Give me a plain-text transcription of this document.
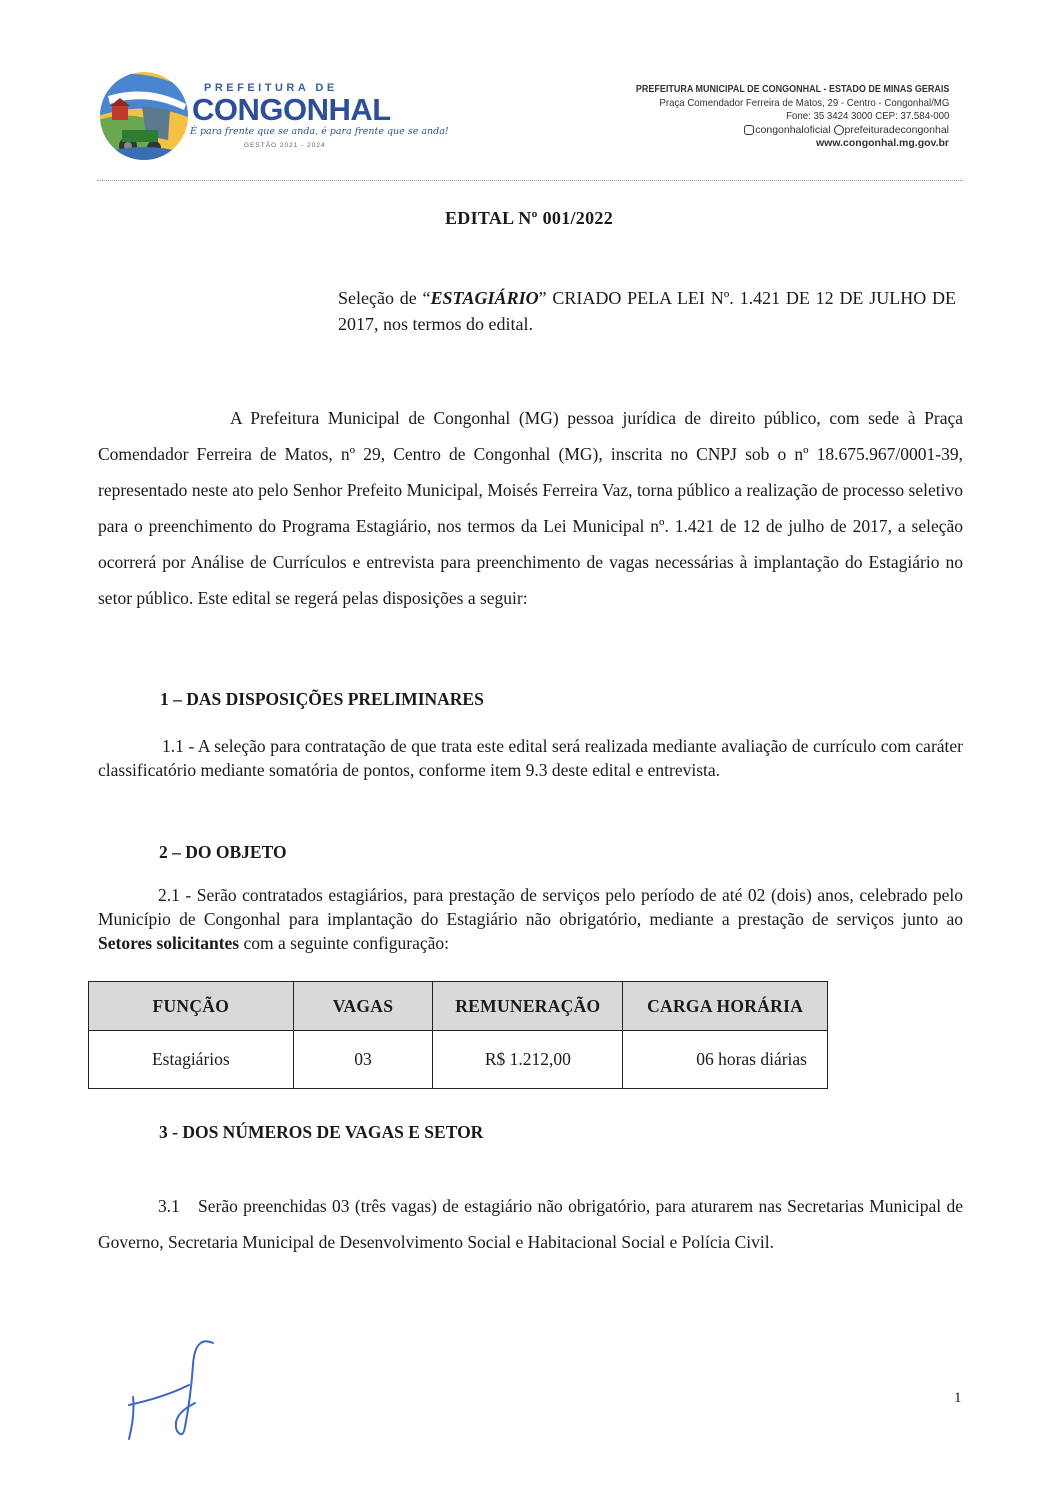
PREFEITURA DE
CONGONHAL
É para frente que se anda, é para frente que se anda!
GESTÃO 2021 - 2024
PREFEITURA MUNICIPAL DE CONGONHAL - ESTADO DE MINAS GERAIS
Praça Comendador Ferreira de Matos, 29 - Centro - Congonhal/MG
Fone: 35 3424 3000 CEP: 37.584-000
congonhaloficial prefeituradecongonhal
www.congonhal.mg.gov.br
EDITAL Nº 001/2022
Seleção de “ESTAGIÁRIO” CRIADO PELA LEI Nº. 1.421 DE 12 DE JULHO DE 2017, nos termos do edital.
A Prefeitura Municipal de Congonhal (MG) pessoa jurídica de direito público, com sede à Praça Comendador Ferreira de Matos, nº 29, Centro de Congonhal (MG), inscrita no CNPJ sob o nº 18.675.967/0001-39, representado neste ato pelo Senhor Prefeito Municipal, Moisés Ferreira Vaz, torna público a realização de processo seletivo para o preenchimento do Programa Estagiário, nos termos da Lei Municipal nº. 1.421 de 12 de julho de 2017, a seleção ocorrerá por Análise de Currículos e entrevista para preenchimento de vagas necessárias à implantação do Estagiário no setor público. Este edital se regerá pelas disposições a seguir:
1 – DAS DISPOSIÇÕES PRELIMINARES
1.1 - A seleção para contratação de que trata este edital será realizada mediante avaliação de currículo com caráter classificatório mediante somatória de pontos, conforme item 9.3 deste edital e entrevista.
2 – DO OBJETO
2.1 - Serão contratados estagiários, para prestação de serviços pelo período de até 02 (dois) anos, celebrado pelo Município de Congonhal para implantação do Estagiário não obrigatório, mediante a prestação de serviços junto ao Setores solicitantes com a seguinte configuração:
FUNÇÃO	VAGAS	REMUNERAÇÃO	CARGA HORÁRIA
Estagiários	03	R$ 1.212,00	06 horas diárias
3 - DOS NÚMEROS DE VAGAS E SETOR
3.1 Serão preenchidas 03 (três vagas) de estagiário não obrigatório, para aturarem nas Secretarias Municipal de Governo, Secretaria Municipal de Desenvolvimento Social e Habitacional Social e Polícia Civil.
1
